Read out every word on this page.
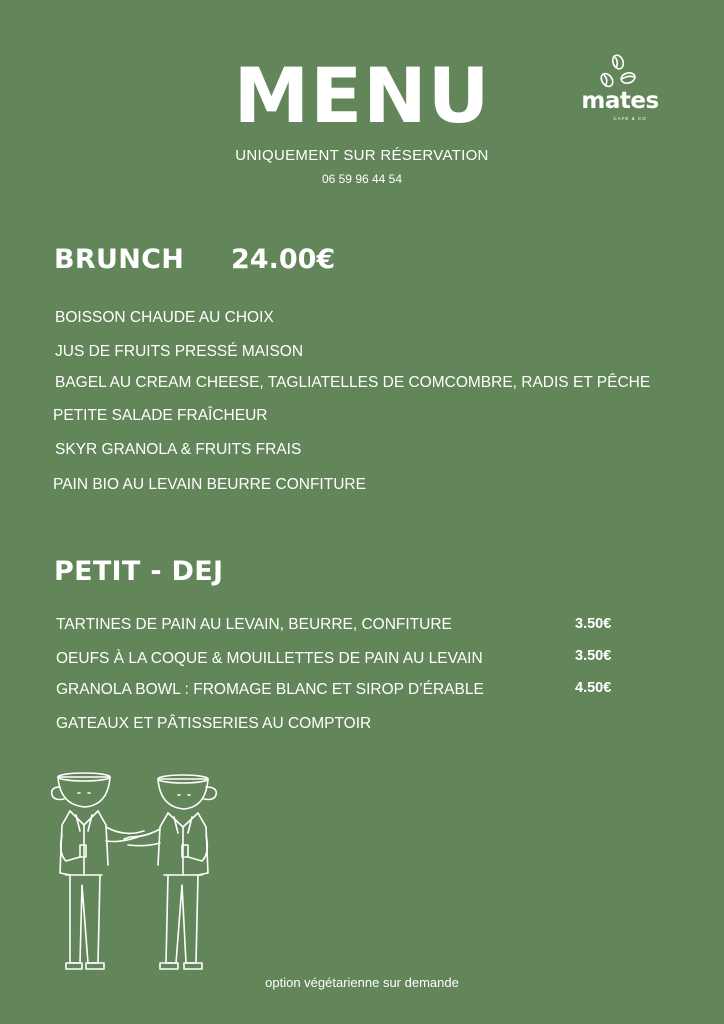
MENU
UNIQUEMENT SUR RÉSERVATION
06 59 96 44 54
mates
CAFÉ & CO
BRUNCH 24.00€
BOISSON CHAUDE AU CHOIX
JUS DE FRUITS PRESSÉ MAISON
BAGEL AU CREAM CHEESE, TAGLIATELLES DE COMCOMBRE, RADIS ET PÊCHE
PETITE SALADE FRAÎCHEUR
SKYR GRANOLA & FRUITS FRAIS
PAIN BIO AU LEVAIN BEURRE CONFITURE
PETIT - DEJ
TARTINES DE PAIN AU LEVAIN, BEURRE, CONFITURE	3.50€
OEUFS À LA COQUE & MOUILLETTES DE PAIN AU LEVAIN	3.50€
GRANOLA BOWL : FROMAGE BLANC ET SIROP D’ÉRABLE	4.50€
GATEAUX ET PÂTISSERIES AU COMPTOIR
option végétarienne sur demande
